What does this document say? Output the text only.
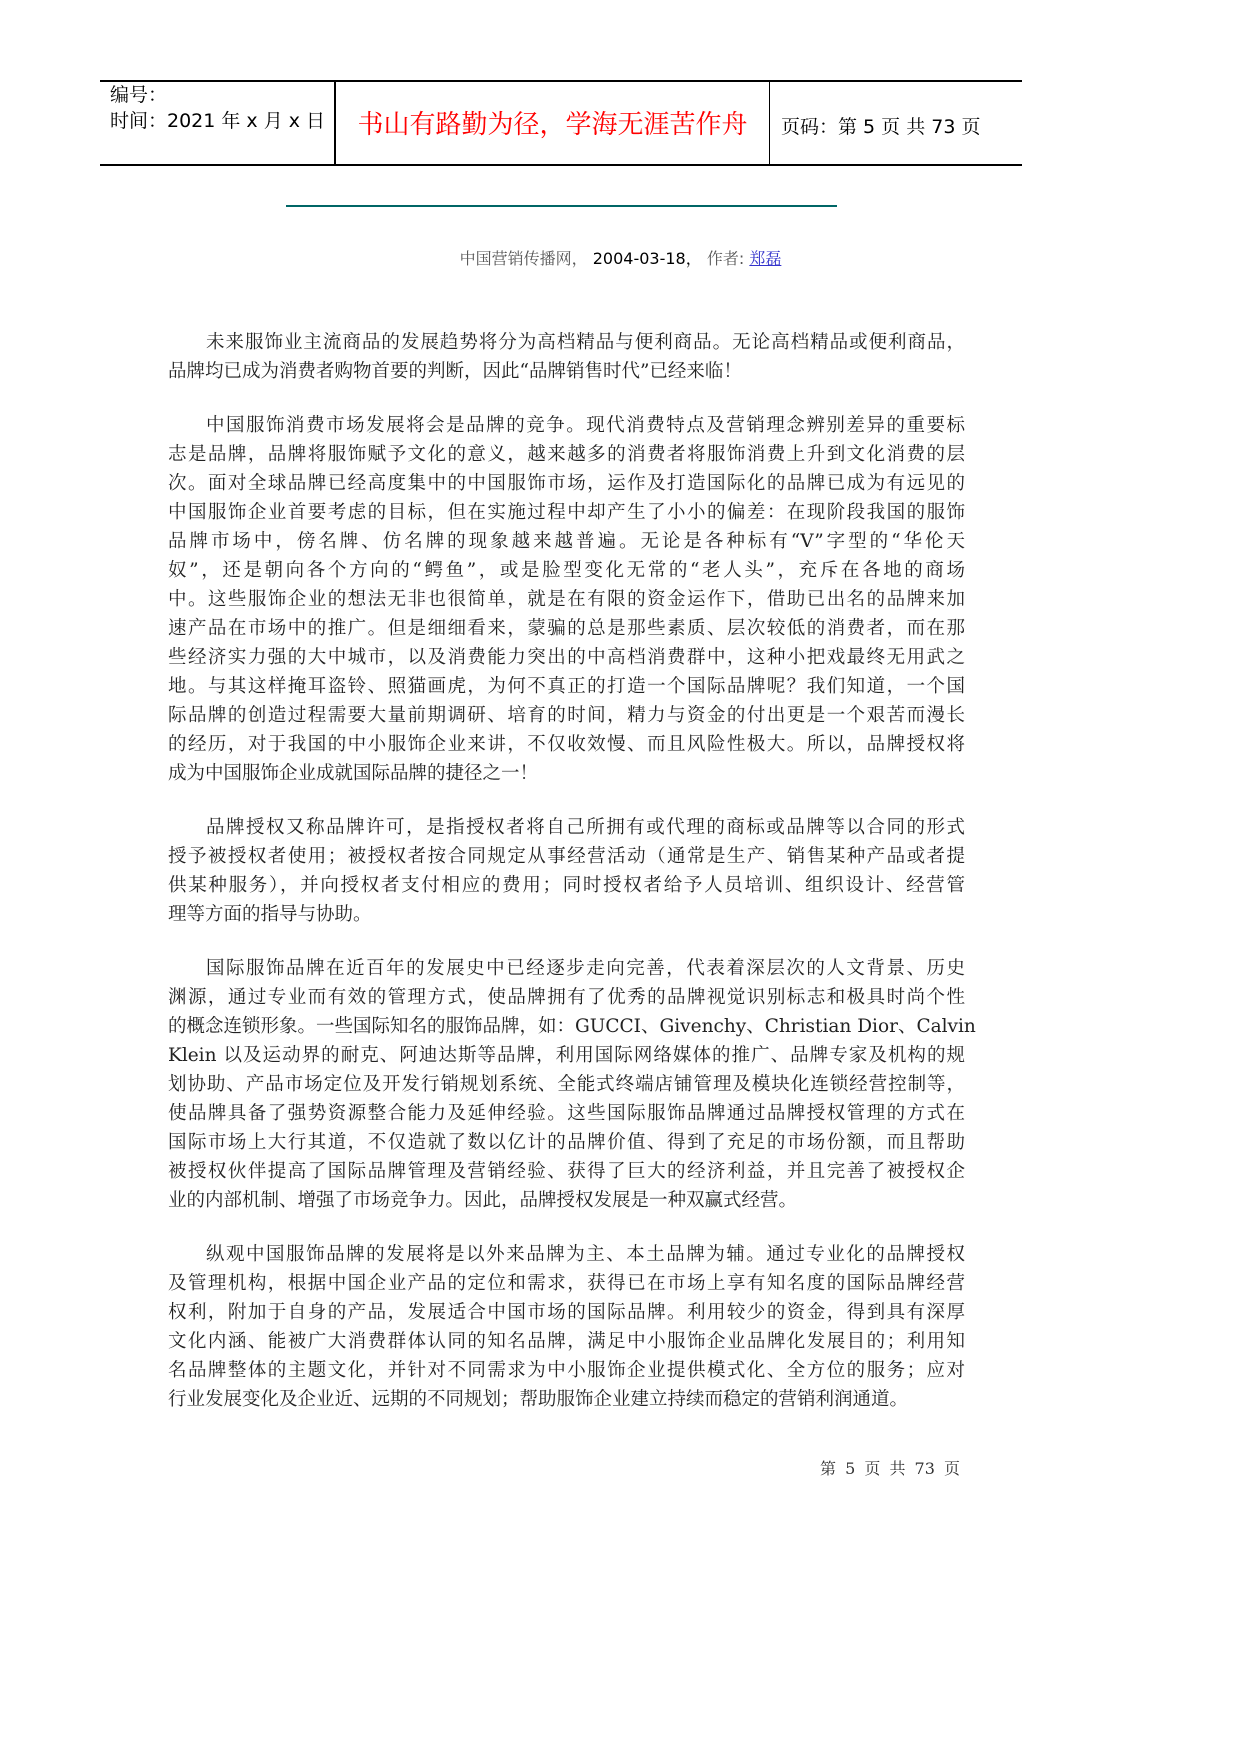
编号：
时间：2021 年 x 月 x 日	书山有路勤为径，学海无涯苦作舟	页码：第 5 页 共 73 页
中国营销传播网， 2004-03-18， 作者: 郑磊
未来服饰业主流商品的发展趋势将分为高档精品与便利商品。无论高档精品或便利商品，
品牌均已成为消费者购物首要的判断，因此“品牌销售时代”已经来临！
中国服饰消费市场发展将会是品牌的竞争。现代消费特点及营销理念辨别差异的重要标
志是品牌，品牌将服饰赋予文化的意义，越来越多的消费者将服饰消费上升到文化消费的层
次。面对全球品牌已经高度集中的中国服饰市场，运作及打造国际化的品牌已成为有远见的
中国服饰企业首要考虑的目标，但在实施过程中却产生了小小的偏差：在现阶段我国的服饰
品牌市场中，傍名牌、仿名牌的现象越来越普遍。无论是各种标有“V”字型的“华伦天
奴”，还是朝向各个方向的“鳄鱼”，或是脸型变化无常的“老人头”，充斥在各地的商场
中。这些服饰企业的想法无非也很简单，就是在有限的资金运作下，借助已出名的品牌来加
速产品在市场中的推广。但是细细看来，蒙骗的总是那些素质、层次较低的消费者，而在那
些经济实力强的大中城市，以及消费能力突出的中高档消费群中，这种小把戏最终无用武之
地。与其这样掩耳盗铃、照猫画虎，为何不真正的打造一个国际品牌呢？我们知道，一个国
际品牌的创造过程需要大量前期调研、培育的时间，精力与资金的付出更是一个艰苦而漫长
的经历，对于我国的中小服饰企业来讲，不仅收效慢、而且风险性极大。所以，品牌授权将
成为中国服饰企业成就国际品牌的捷径之一！
品牌授权又称品牌许可，是指授权者将自己所拥有或代理的商标或品牌等以合同的形式
授予被授权者使用；被授权者按合同规定从事经营活动（通常是生产、销售某种产品或者提
供某种服务），并向授权者支付相应的费用；同时授权者给予人员培训、组织设计、经营管
理等方面的指导与协助。
国际服饰品牌在近百年的发展史中已经逐步走向完善，代表着深层次的人文背景、历史
渊源，通过专业而有效的管理方式，使品牌拥有了优秀的品牌视觉识别标志和极具时尚个性
的概念连锁形象。一些国际知名的服饰品牌，如：GUCCI、Givenchy、Christian Dior、Calvin
Klein 以及运动界的耐克、阿迪达斯等品牌，利用国际网络媒体的推广、品牌专家及机构的规
划协助、产品市场定位及开发行销规划系统、全能式终端店铺管理及模块化连锁经营控制等，
使品牌具备了强势资源整合能力及延伸经验。这些国际服饰品牌通过品牌授权管理的方式在
国际市场上大行其道，不仅造就了数以亿计的品牌价值、得到了充足的市场份额，而且帮助
被授权伙伴提高了国际品牌管理及营销经验、获得了巨大的经济利益，并且完善了被授权企
业的内部机制、增强了市场竞争力。因此，品牌授权发展是一种双赢式经营。
纵观中国服饰品牌的发展将是以外来品牌为主、本土品牌为辅。通过专业化的品牌授权
及管理机构，根据中国企业产品的定位和需求，获得已在市场上享有知名度的国际品牌经营
权利，附加于自身的产品，发展适合中国市场的国际品牌。利用较少的资金，得到具有深厚
文化内涵、能被广大消费群体认同的知名品牌，满足中小服饰企业品牌化发展目的；利用知
名品牌整体的主题文化，并针对不同需求为中小服饰企业提供模式化、全方位的服务；应对
行业发展变化及企业近、远期的不同规划；帮助服饰企业建立持续而稳定的营销利润通道。
第 5 页 共 73 页
